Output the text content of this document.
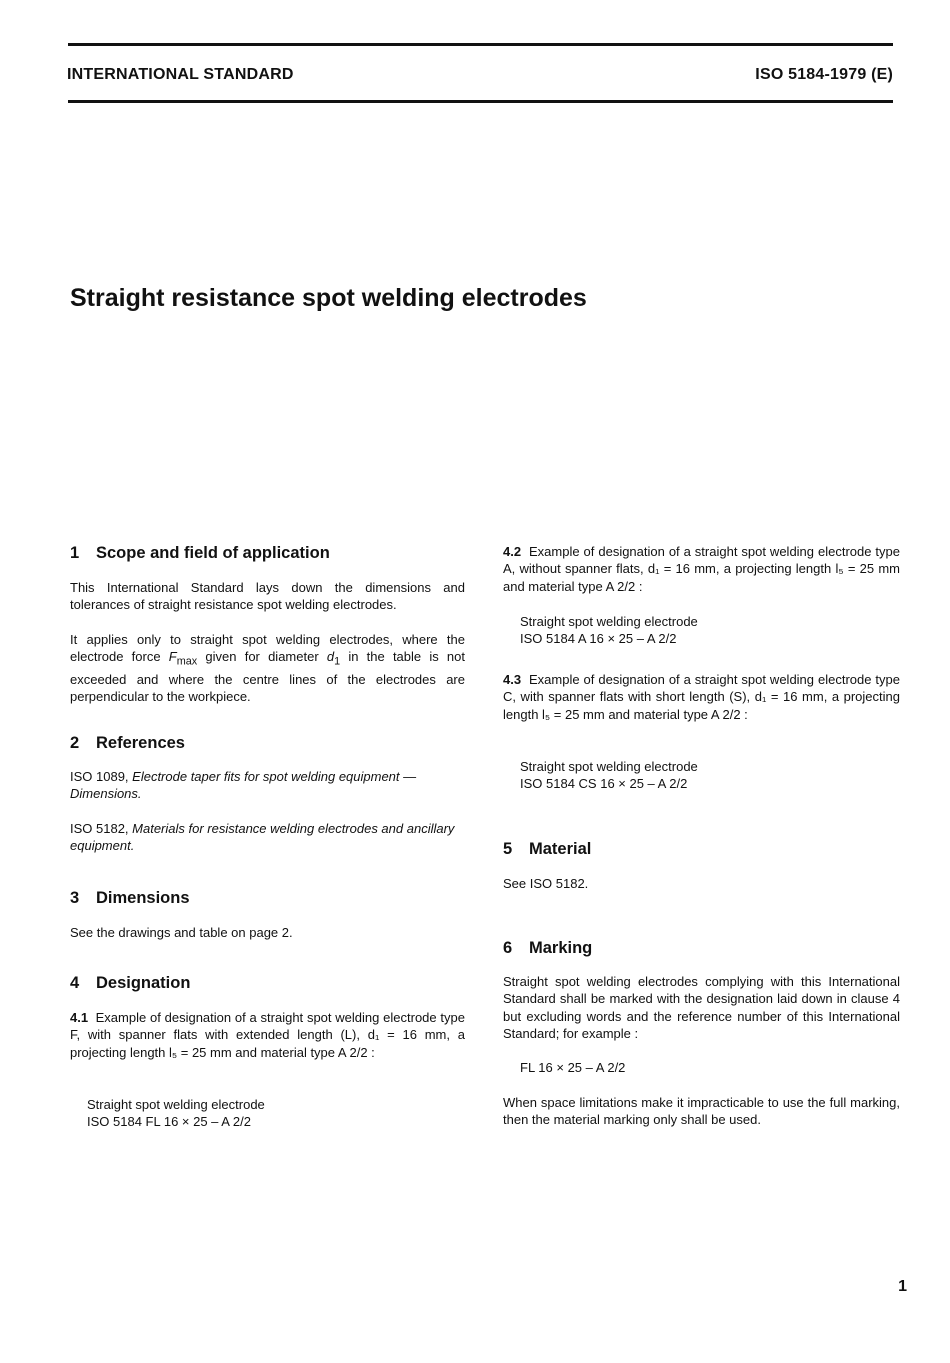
INTERNATIONAL STANDARD	ISO 5184-1979 (E)
Straight resistance spot welding electrodes
1 Scope and field of application

This International Standard lays down the dimensions and tolerances of straight resistance spot welding electrodes.

It applies only to straight spot welding electrodes, where the electrode force $F_{max}$ given for diameter $d_1$ in the table is not exceeded and where the centre lines of the electrodes are perpendicular to the workpiece.

2 References

ISO 1089, Electrode taper fits for spot welding equipment — Dimensions.

ISO 5182, Materials for resistance welding electrodes and ancillary equipment.

3 Dimensions

See the drawings and table on page 2.

4 Designation

4.1 Example of designation of a straight spot welding electrode type F, with spanner flats with extended length (L), d₁ = 16 mm, a projecting length l₅ = 25 mm and material type A 2/2 :

Straight spot welding electrode
ISO 5184 FL 16 × 25 – A 2/2

4.2 Example of designation of a straight spot welding electrode type A, without spanner flats, d₁ = 16 mm, a projecting length l₅ = 25 mm and material type A 2/2 :

Straight spot welding electrode
ISO 5184 A 16 × 25 – A 2/2

4.3 Example of designation of a straight spot welding electrode type C, with spanner flats with short length (S), d₁ = 16 mm, a projecting length l₅ = 25 mm and material type A 2/2 :

Straight spot welding electrode
ISO 5184 CS 16 × 25 – A 2/2
5 Material

See ISO 5182.

6 Marking

Straight spot welding electrodes complying with this International Standard shall be marked with the designation laid down in clause 4 but excluding words and the reference number of this International Standard; for example :

FL 16 × 25 – A 2/2

When space limitations make it impracticable to use the full marking, then the material marking only shall be used.

1
